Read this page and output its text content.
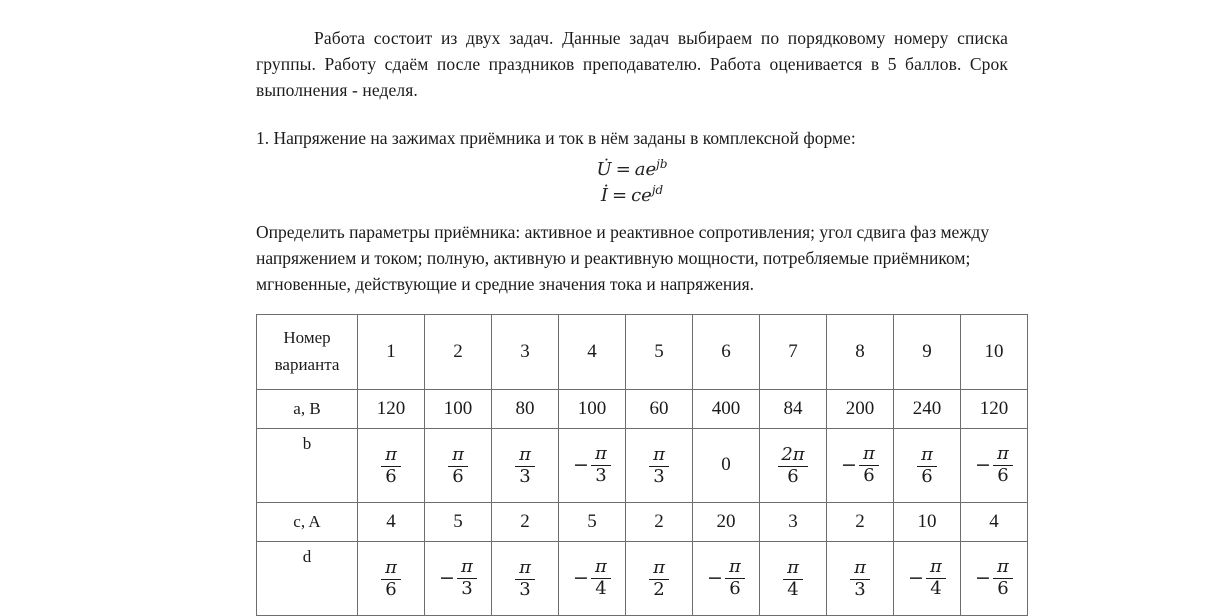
Работа состоит из двух задач. Данные задач выбираем по порядковому номеру списка группы. Работу сдаём после праздников преподавателю. Работа оценивается в 5 баллов. Срок выполнения - неделя.

1. Напряжение на зажимах приёмника и ток в нём заданы в комплексной форме:

U̇ = $ae^{jb}$
İ = $ce^{jd}$

Определить параметры приёмника: активное и реактивное сопротивления; угол сдвига фаз между напряжением и током; полную, активную и реактивную мощности, потребляемые приёмником; мгновенные, действующие и средние значения тока и напряжения.

Номер
варианта	1	2	3	4	5	6	7	8	9	10
a, В	120	100	80	100	60	400	84	200	240	120
b	$\frac{\pi}{6}$	$\frac{\pi}{6}$	$\frac{\pi}{3}$	− $\frac{\pi}{3}$	$\frac{\pi}{3}$	0	$\frac{2\pi}{6}$	− $\frac{\pi}{6}$	$\frac{\pi}{6}$	− $\frac{\pi}{6}$

c, A	4	5	2	5	2	20	3	2	10	4
d	$\frac{\pi}{6}$	− $\frac{\pi}{3}$	$\frac{\pi}{3}$	− $\frac{\pi}{4}$	$\frac{\pi}{2}$	− $\frac{\pi}{6}$	$\frac{\pi}{4}$	$\frac{\pi}{3}$	− $\frac{\pi}{4}$	− $\frac{\pi}{6}$
